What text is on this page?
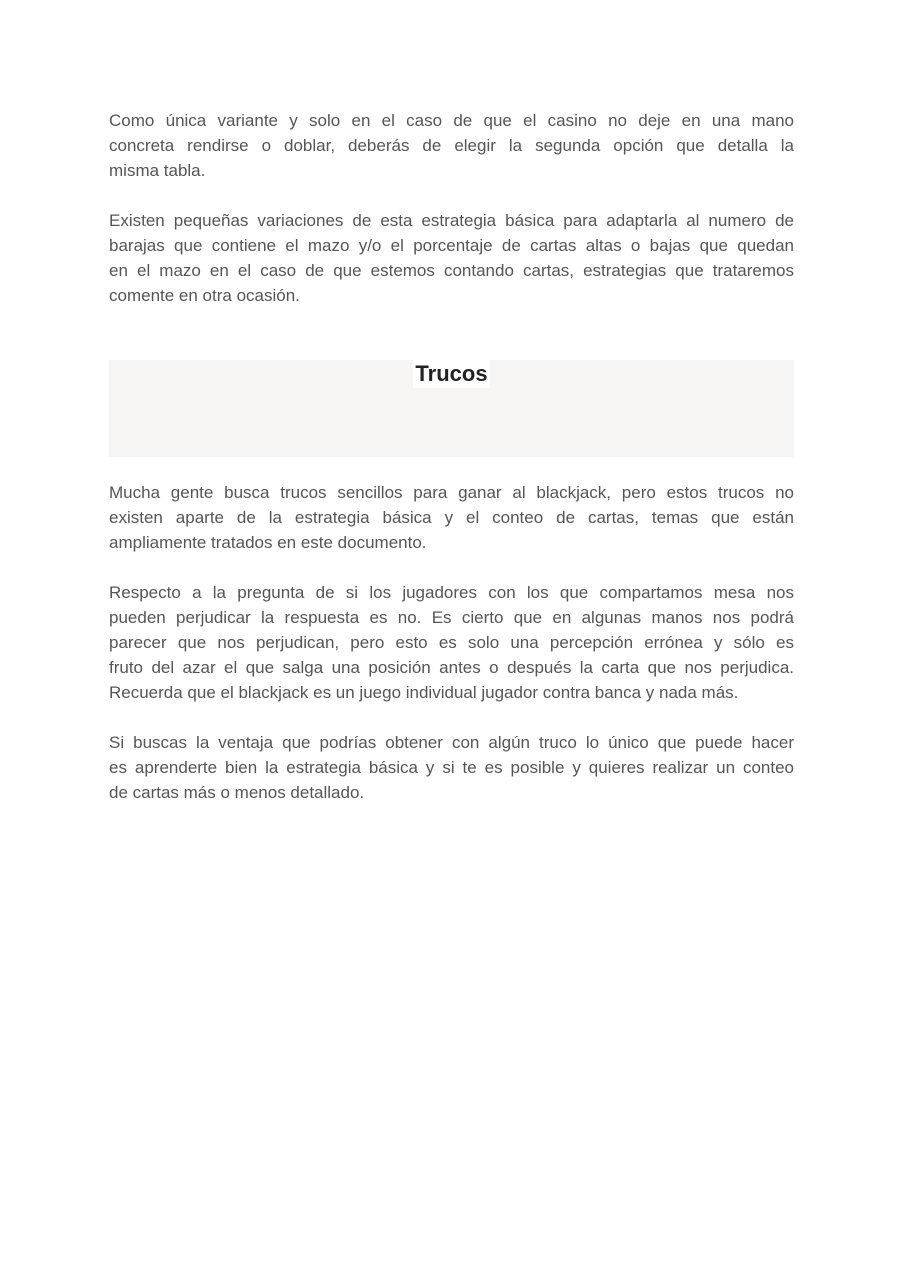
Como única variante y solo en el caso de que el casino no deje en una mano
concreta rendirse o doblar, deberás de elegir la segunda opción que detalla la
misma tabla.
Existen pequeñas variaciones de esta estrategia básica para adaptarla al numero de
barajas que contiene el mazo y/o el porcentaje de cartas altas o bajas que quedan
en el mazo en el caso de que estemos contando cartas, estrategias que trataremos
comente en otra ocasión.
Trucos
Mucha gente busca trucos sencillos para ganar al blackjack, pero estos trucos no
existen aparte de la estrategia básica y el conteo de cartas, temas que están
ampliamente tratados en este documento.
Respecto a la pregunta de si los jugadores con los que compartamos mesa nos
pueden perjudicar la respuesta es no. Es cierto que en algunas manos nos podrá
parecer que nos perjudican, pero esto es solo una percepción errónea y sólo es
fruto del azar el que salga una posición antes o después la carta que nos perjudica.
Recuerda que el blackjack es un juego individual jugador contra banca y nada más.
Si buscas la ventaja que podrías obtener con algún truco lo único que puede hacer
es aprenderte bien la estrategia básica y si te es posible y quieres realizar un conteo
de cartas más o menos detallado.
